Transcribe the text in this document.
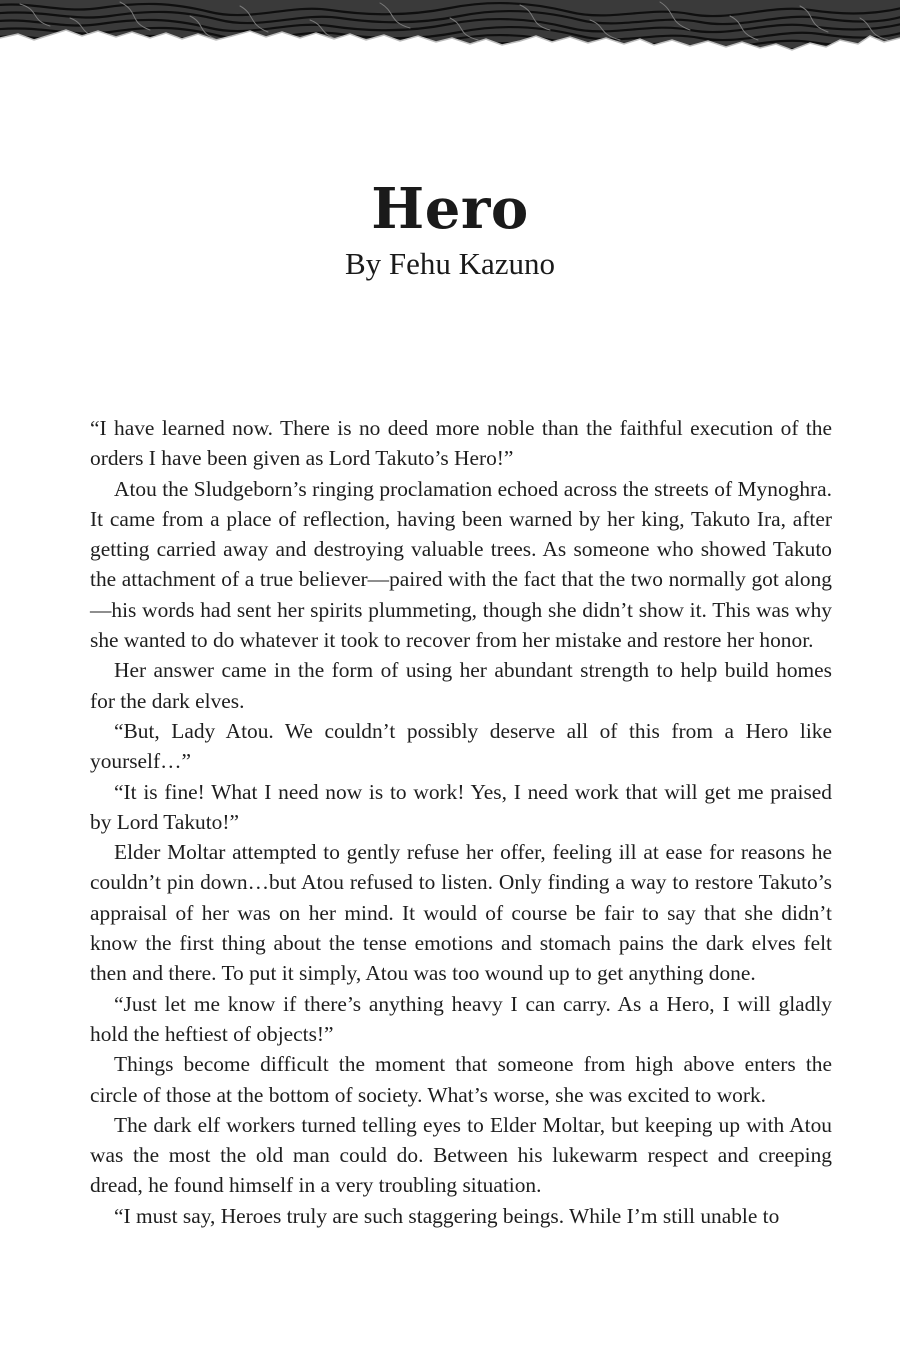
Hero
By Fehu Kazuno

“I have learned now. There is no deed more noble than the faithful execution of the orders I have been given as Lord Takuto’s Hero!”

Atou the Sludgeborn’s ringing proclamation echoed across the streets of Mynoghra. It came from a place of reflection, having been warned by her king, Takuto Ira, after getting carried away and destroying valuable trees. As someone who showed Takuto the attachment of a true believer—paired with the fact that the two normally got along—his words had sent her spirits plummeting, though she didn’t show it. This was why she wanted to do whatever it took to recover from her mistake and restore her honor.

Her answer came in the form of using her abundant strength to help build homes for the dark elves.

“But, Lady Atou. We couldn’t possibly deserve all of this from a Hero like yourself…”

“It is fine! What I need now is to work! Yes, I need work that will get me praised by Lord Takuto!”

Elder Moltar attempted to gently refuse her offer, feeling ill at ease for reasons he couldn’t pin down…but Atou refused to listen. Only finding a way to restore Takuto’s appraisal of her was on her mind. It would of course be fair to say that she didn’t know the first thing about the tense emotions and stomach pains the dark elves felt then and there. To put it simply, Atou was too wound up to get anything done.

“Just let me know if there’s anything heavy I can carry. As a Hero, I will gladly hold the heftiest of objects!”

Things become difficult the moment that someone from high above enters the circle of those at the bottom of society. What’s worse, she was excited to work.

The dark elf workers turned telling eyes to Elder Moltar, but keeping up with Atou was the most the old man could do. Between his lukewarm respect and creeping dread, he found himself in a very troubling situation.

“I must say, Heroes truly are such staggering beings. While I’m still unable to
